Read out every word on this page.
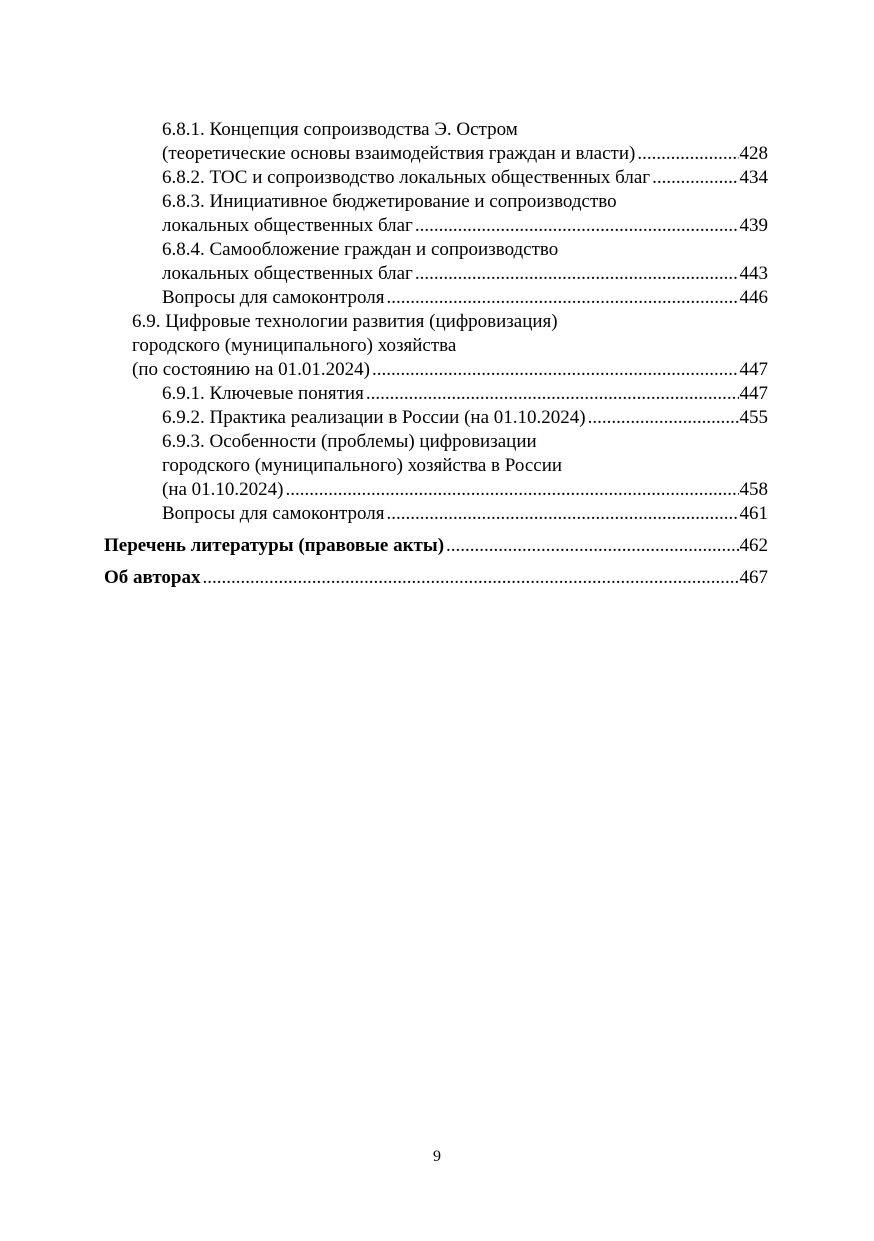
6.8.1. Концепция сопроизводства Э. Остром
(теоретические основы взаимодействия граждан и власти) .....	428
6.8.2. ТОС и сопроизводство локальных общественных благ .....	434
6.8.3. Инициативное бюджетирование и сопроизводство
локальных общественных благ .....	439
6.8.4. Самообложение граждан и сопроизводство
локальных общественных благ .....	443
Вопросы для самоконтроля .....	446
6.9. Цифровые технологии развития (цифровизация)
городского (муниципального) хозяйства
(по состоянию на 01.01.2024) .....	447
6.9.1. Ключевые понятия .....	447
6.9.2. Практика реализации в России (на 01.10.2024) .....	455
6.9.3. Особенности (проблемы) цифровизации
городского (муниципального) хозяйства в России
(на 01.10.2024) .....	458
Вопросы для самоконтроля .....	461
Перечень литературы (правовые акты) .....	462
Об авторах .....	467
9
